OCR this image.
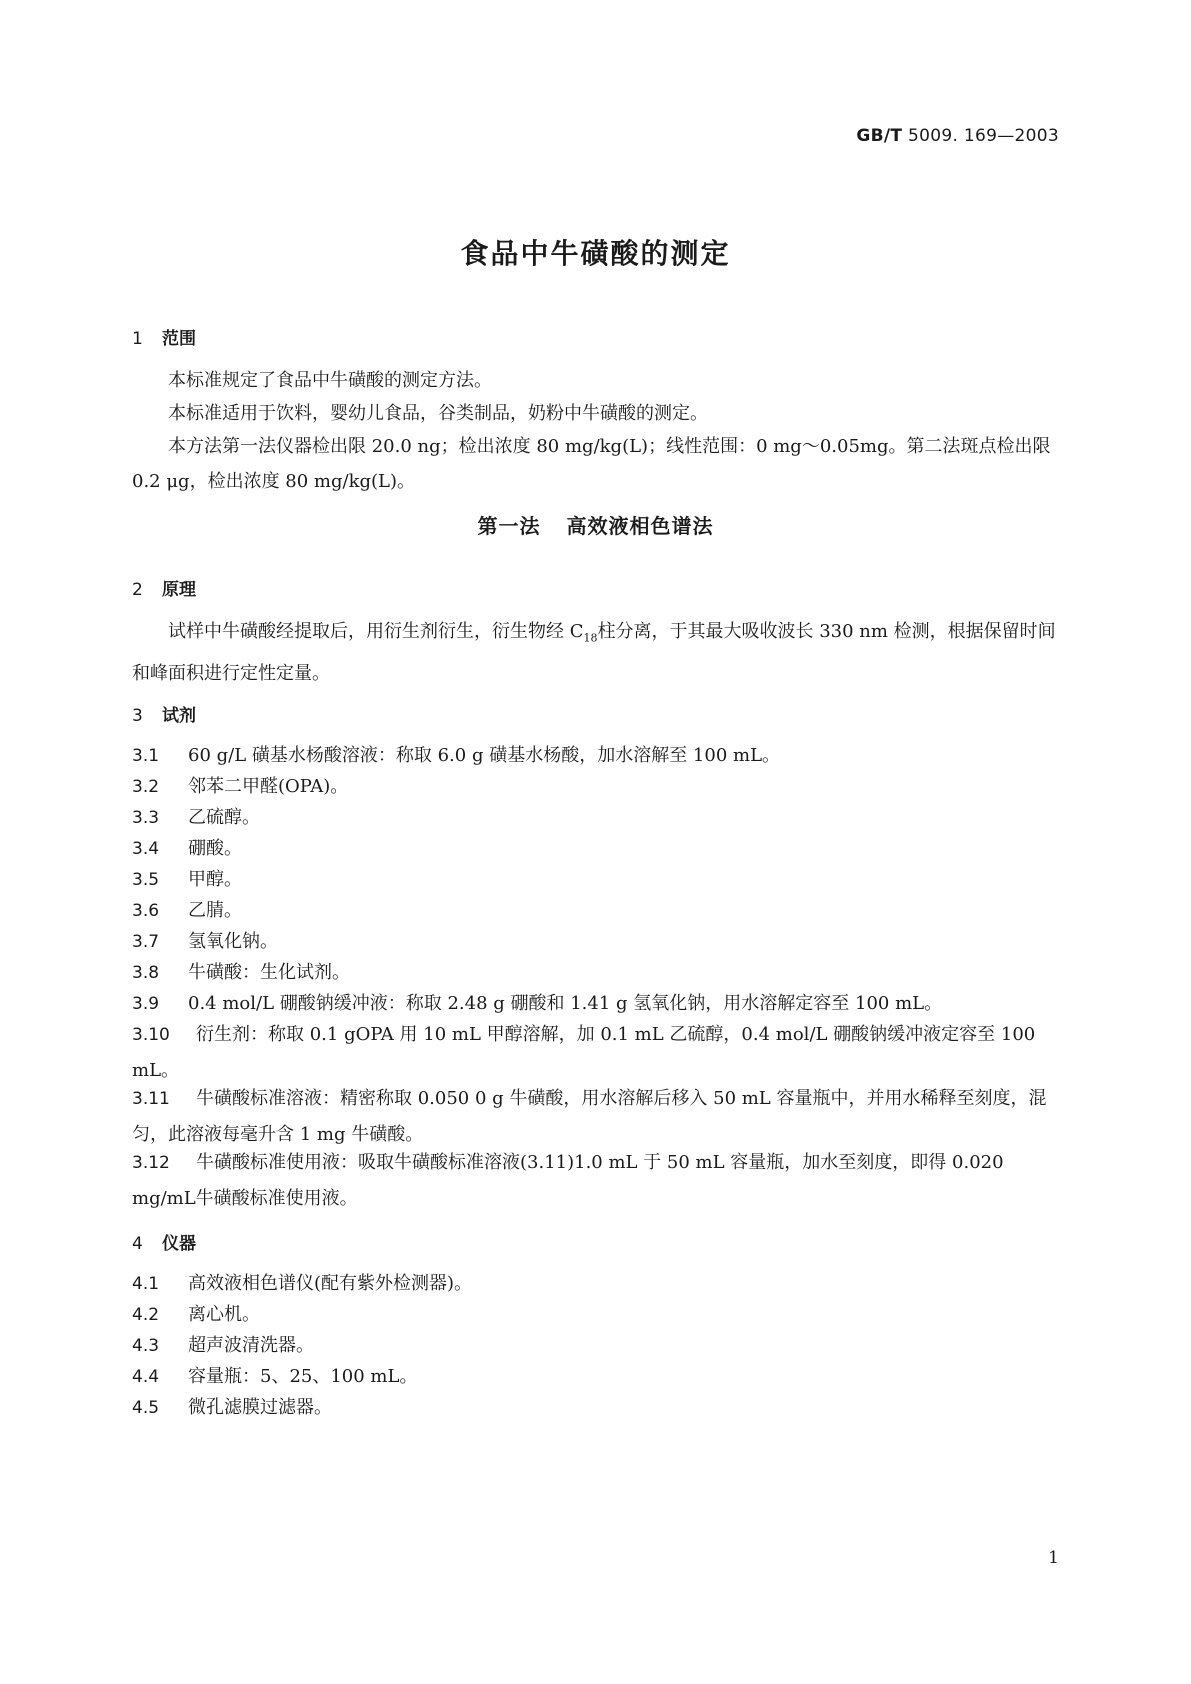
GB/T 5009. 169—2003
食品中牛磺酸的测定
1 范围
本标准规定了食品中牛磺酸的测定方法。
本标准适用于饮料，婴幼儿食品，谷类制品，奶粉中牛磺酸的测定。
本方法第一法仪器检出限 20.0 ng；检出浓度 80 mg/kg(L)；线性范围：0 mg～0.05mg。第二法斑点检出限 0.2 μg，检出浓度 80 mg/kg(L)。
第一法 高效液相色谱法
2 原理
试样中牛磺酸经提取后，用衍生剂衍生，衍生物经 $C_{18}$柱分离，于其最大吸收波长 330 nm 检测，根据保留时间和峰面积进行定性定量。
3 试剂
3.1 60 g/L 磺基水杨酸溶液：称取 6.0 g 磺基水杨酸，加水溶解至 100 mL。
3.2 邻苯二甲醛(OPA)。
3.3 乙硫醇。
3.4 硼酸。
3.5 甲醇。
3.6 乙腈。
3.7 氢氧化钠。
3.8 牛磺酸：生化试剂。
3.9 0.4 mol/L 硼酸钠缓冲液：称取 2.48 g 硼酸和 1.41 g 氢氧化钠，用水溶解定容至 100 mL。
3.10 衍生剂：称取 0.1 gOPA 用 10 mL 甲醇溶解，加 0.1 mL 乙硫醇，0.4 mol/L 硼酸钠缓冲液定容至 100 mL。
3.11 牛磺酸标准溶液：精密称取 0.050 0 g 牛磺酸，用水溶解后移入 50 mL 容量瓶中，并用水稀释至刻度，混匀，此溶液每毫升含 1 mg 牛磺酸。
3.12 牛磺酸标准使用液：吸取牛磺酸标准溶液(3.11)1.0 mL 于 50 mL 容量瓶，加水至刻度，即得 0.020 mg/mL牛磺酸标准使用液。
4 仪器
4.1 高效液相色谱仪(配有紫外检测器)。
4.2 离心机。
4.3 超声波清洗器。
4.4 容量瓶：5、25、100 mL。
4.5 微孔滤膜过滤器。
1
